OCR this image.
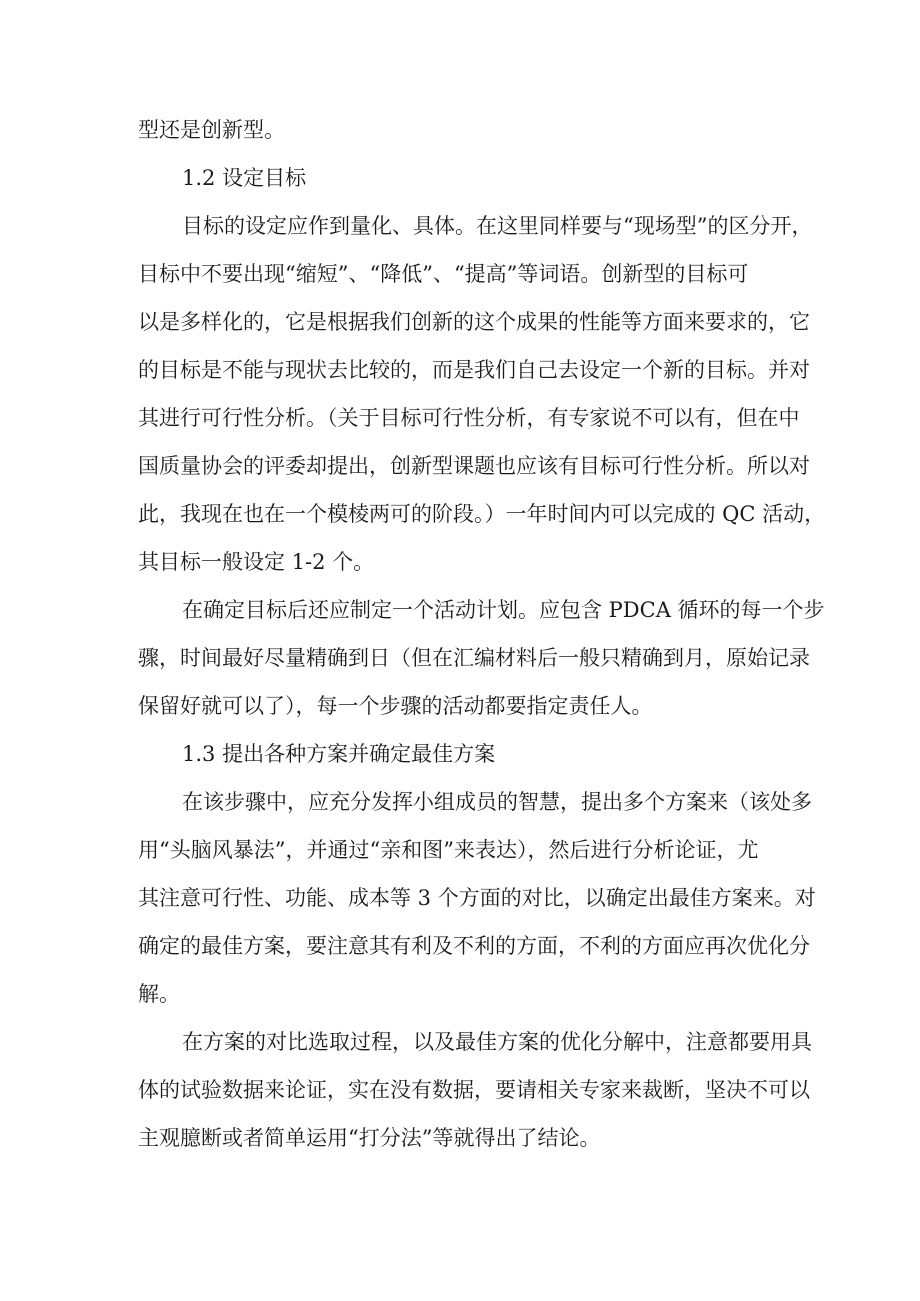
型还是创新型。
1.2 设定目标
目标的设定应作到量化、具体。在这里同样要与“现场型”的区分开，
目标中不要出现“缩短”、“降低”、“提高”等词语。创新型的目标可
以是多样化的，它是根据我们创新的这个成果的性能等方面来要求的，它
的目标是不能与现状去比较的，而是我们自己去设定一个新的目标。并对
其进行可行性分析。（关于目标可行性分析，有专家说不可以有，但在中
国质量协会的评委却提出，创新型课题也应该有目标可行性分析。所以对
此，我现在也在一个模棱两可的阶段。）一年时间内可以完成的 QC 活动，
其目标一般设定 1-2 个。
在确定目标后还应制定一个活动计划。应包含 PDCA 循环的每一个步
骤，时间最好尽量精确到日（但在汇编材料后一般只精确到月，原始记录
保留好就可以了），每一个步骤的活动都要指定责任人。
1.3 提出各种方案并确定最佳方案
在该步骤中，应充分发挥小组成员的智慧，提出多个方案来（该处多
用“头脑风暴法”，并通过“亲和图”来表达），然后进行分析论证，尤
其注意可行性、功能、成本等 3 个方面的对比，以确定出最佳方案来。对
确定的最佳方案，要注意其有利及不利的方面，不利的方面应再次优化分
解。
在方案的对比选取过程，以及最佳方案的优化分解中，注意都要用具
体的试验数据来论证，实在没有数据，要请相关专家来裁断，坚决不可以
主观臆断或者简单运用“打分法”等就得出了结论。
